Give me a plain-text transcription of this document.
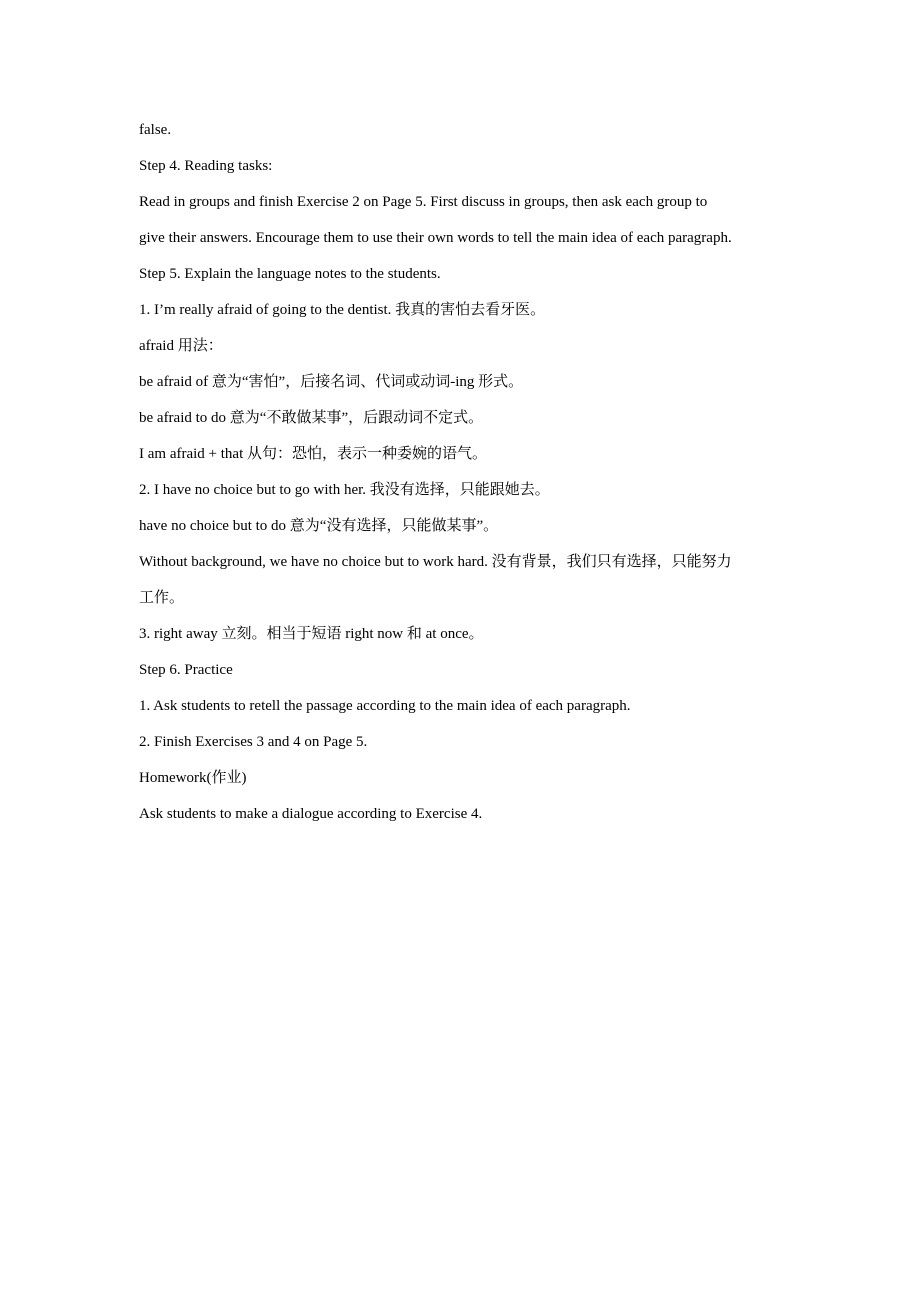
false.
Step 4. Reading tasks:
Read in groups and finish Exercise 2 on Page 5. First discuss in groups, then ask each group to
give their answers. Encourage them to use their own words to tell the main idea of each paragraph.
Step 5. Explain the language notes to the students.
1. I’m really afraid of going to the dentist. 我真的害怕去看牙医。
afraid 用法：
be afraid of 意为“害怕”，后接名词、代词或动词-ing 形式。
be afraid to do 意为“不敢做某事”，后跟动词不定式。
I am afraid + that 从句：恐怕，表示一种委婉的语气。
2. I have no choice but to go with her. 我没有选择，只能跟她去。
have no choice but to do 意为“没有选择，只能做某事”。
Without background, we have no choice but to work hard. 没有背景，我们只有选择，只能努力
工作。
3. right away 立刻。相当于短语 right now 和 at once。
Step 6. Practice
1. Ask students to retell the passage according to the main idea of each paragraph.
2. Finish Exercises 3 and 4 on Page 5.
Homework(作业)
Ask students to make a dialogue according to Exercise 4.
